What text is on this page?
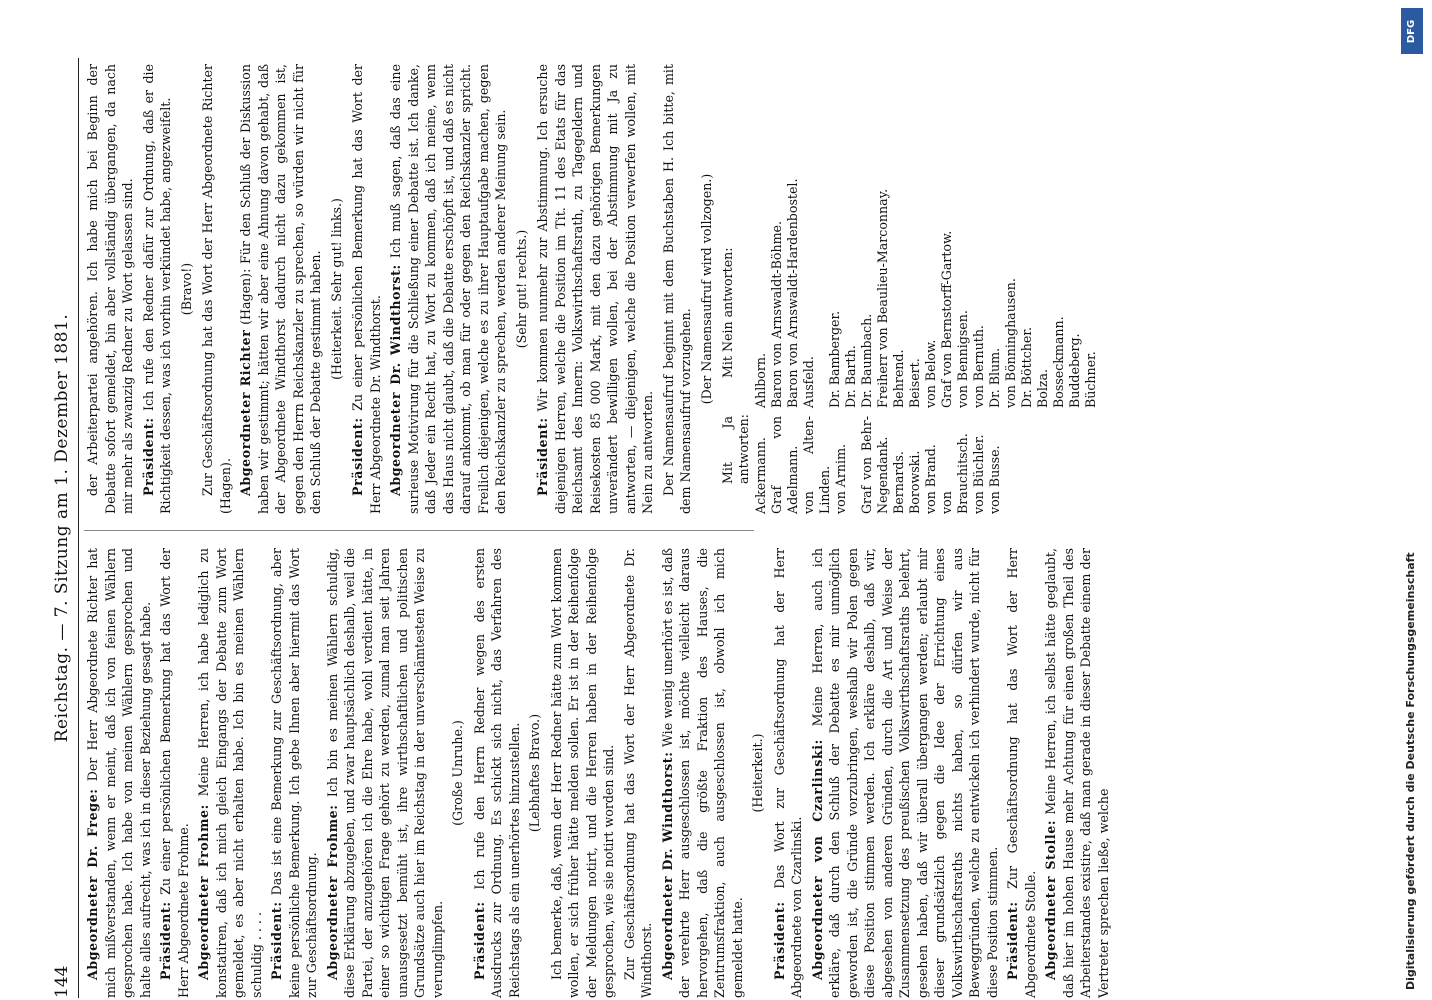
144
Reichstag. — 7. Sitzung am 1. Dezember 1881.

Abgeordneter Dr. Frege: Der Herr Abgeordnete Richter hat mich mißverstanden, wenn er meint, daß ich von feinen Wählern gesprochen habe. Ich habe von meinen Wählern gesprochen und halte alles aufrecht, was ich in dieser Beziehung gesagt habe. Präsident: Zu einer persönlichen Bemerkung hat das Wort der Herr Abgeordnete Frohme. Abgeordneter Frohme: Meine Herren, ich habe lediglich zu konstatiren, daß ich mich gleich Eingangs der Debatte zum Wort gemeldet, es aber nicht erhalten habe. Ich bin es meinen Wählern schuldig . . . . Präsident: Das ist eine Bemerkung zur Geschäftsordnung, aber keine persönliche Bemerkung. Ich gebe Ihnen aber hiermit das Wort zur Geschäftsordnung. Abgeordneter Frohme: Ich bin es meinen Wählern schuldig, diese Erklärung abzugeben, und zwar hauptsächlich deshalb, weil die Partei, der anzugehören ich die Ehre habe, wohl verdient hätte, in einer so wichtigen Frage gehört zu werden, zumal man seit Jahren unausgesetzt bemüht ist, ihre wirthschaftlichen und politischen Grundsätze auch hier im Reichstag in der unverschämtesten Weise zu verunglimpfen.

(Große Unruhe.)

Präsident: Ich rufe den Herrn Redner wegen des ersten Ausdrucks zur Ordnung. Es schickt sich nicht, das Verfahren des Reichstags als ein unerhörtes hinzustellen. (Lebhaftes Bravo.) Ich bemerke, daß, wenn der Herr Redner hätte zum Wort kommen wollen, er sich früher hätte melden sollen. Er ist in der Reihenfolge der Meldungen notirt, und die Herren haben in der Reihenfolge gesprochen, wie sie notirt worden sind. Zur Geschäftsordnung hat das Wort der Herr Abgeordnete Dr. Windthorst. Abgeordneter Dr. Windthorst: Wie wenig unerhört es ist, daß der verehrte Herr ausgeschlossen ist, möchte vielleicht daraus hervorgehen, daß die größte Fraktion des Hauses, die Zentrumsfraktion, auch ausgeschlossen ist, obwohl ich mich gemeldet hatte.

(Heiterkeit.)

Präsident: Das Wort zur Geschäftsordnung hat der Herr Abgeordnete von Czarlinski. Abgeordneter von Czarlinski: Meine Herren, auch ich erkläre, daß durch den Schluß der Debatte es mir unmöglich geworden ist, die Gründe vorzubringen, weshalb wir Polen gegen diese Position stimmen werden. Ich erkläre deshalb, daß wir, abgesehen von anderen Gründen, durch die Art und Weise der Zusammensetzung des preußischen Volkswirthschaftsraths belehrt, gesehen haben, daß wir überall übergangen werden; erlaubt mir dieser grundsätzlich gegen die Idee der Errichtung eines Volkswirthschaftsraths nichts haben, so dürfen wir aus Beweggründen, welche zu entwickeln ich verhindert wurde, nicht für diese Position stimmen. Präsident: Zur Geschäftsordnung hat das Wort der Herr Abgeordnete Stolle. Abgeordneter Stolle: Meine Herren, ich selbst hätte geglaubt, daß hier im hohen Hause mehr Achtung für einen großen Theil des Arbeiterstandes existire, daß man gerade in dieser Debatte einem der Vertreter sprechen ließe, welche

der Arbeiterpartei angehören. Ich habe mich bei Beginn der Debatte sofort gemeldet, bin aber vollständig übergangen, da nach mir mehr als zwanzig Redner zu Wort gelassen sind. Präsident: Ich rufe den Redner dafür zur Ordnung, daß er die Richtigkeit dessen, was ich vorhin verkündet habe, angezweifelt. (Bravo!) Zur Geschäftsordnung hat das Wort der Herr Abgeordnete Richter (Hagen). Abgeordneter Richter (Hagen): Für den Schluß der Diskussion haben wir gestimmt; hätten wir aber eine Ahnung davon gehabt, daß der Abgeordnete Windthorst dadurch nicht dazu gekommen ist, gegen den Herrn Reichskanzler zu sprechen, so würden wir nicht für den Schluß der Debatte gestimmt haben. (Heiterkeit. Sehr gut! links.)

Präsident: Zu einer persönlichen Bemerkung hat das Wort der Herr Abgeordnete Dr. Windthorst. Abgeordneter Dr. Windthorst: Ich muß sagen, daß das eine surieuse Motivirung für die Schließung einer Debatte ist. Ich danke, daß Jeder ein Recht hat, zu Wort zu kommen, daß ich meine, wenn das Haus nicht glaubt, daß die Debatte erschöpft ist, und daß es nicht darauf ankommt, ob man für oder gegen den Reichskanzler spricht. Freilich diejenigen, welche es zu ihrer Hauptaufgabe machen, gegen den Reichskanzler zu sprechen, werden anderer Meinung sein. (Sehr gut! rechts.)

Präsident: Wir kommen nunmehr zur Abstimmung. Ich ersuche diejenigen Herren, welche die Position im Tit. 11 des Etats für das Reichsamt des Innern: Volkswirthschaftsrath, zu Tagegeldern und Reisekosten 85 000 Mark, mit den dazu gehörigen Bemerkungen unverändert bewilligen wollen, bei der Abstimmung mit Ja zu antworten, — diejenigen, welche die Position verwerfen wollen, mit Nein zu antworten. Der Namensaufruf beginnt mit dem Buchstaben H. Ich bitte, mit dem Namensaufruf vorzugehen.

(Der Namensaufruf wird vollzogen.)

Mit Ja antworten:
Mit Nein antworten:
Ackermann. Graf von Adelmann. von Alten-Linden. von Arnim. Graf von Behr-Negendank. Bernards. Borowski. von Brand. von Brauchitsch. von Büchler. von Busse.
Ahlborn. Baron von Arnswaldt-Böhme. Baron von Arnswaldt-Hardenbostel. Ausfeld. Dr. Bamberger. Dr. Barth. Dr. Baumbach. Freiherr von Beaulieu-Marconnay. Behrend. Beisert. von Below. Graf von Bernstorff-Gartow. von Bennigsen. von Bernuth. Dr. Blum. von Bönninghausen. Dr. Böttcher. Bolza. Bosseckmann. Buddeberg. Büchner.
DFG
Digitalisierung gefördert durch die Deutsche Forschungsgemeinschaft
